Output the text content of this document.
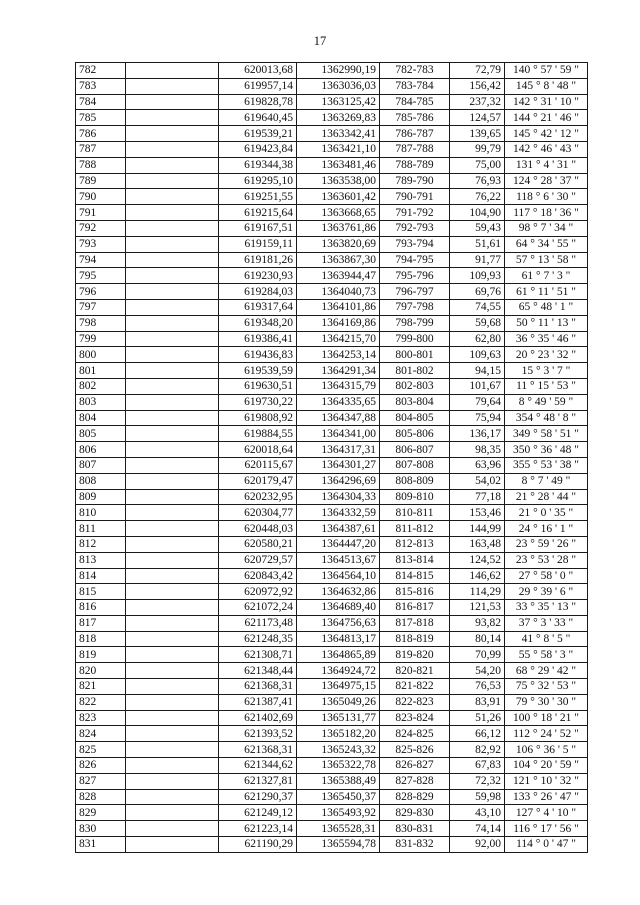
17
782		620013,68	1362990,19	782-783	72,79	140 ° 57 ' 59 "
783		619957,14	1363036,03	783-784	156,42	145 ° 8 ' 48 "
784		619828,78	1363125,42	784-785	237,32	142 ° 31 ' 10 "
785		619640,45	1363269,83	785-786	124,57	144 ° 21 ' 46 "
786		619539,21	1363342,41	786-787	139,65	145 ° 42 ' 12 "
787		619423,84	1363421,10	787-788	99,79	142 ° 46 ' 43 "
788		619344,38	1363481,46	788-789	75,00	131 ° 4 ' 31 "
789		619295,10	1363538,00	789-790	76,93	124 ° 28 ' 37 "
790		619251,55	1363601,42	790-791	76,22	118 ° 6 ' 30 "
791		619215,64	1363668,65	791-792	104,90	117 ° 18 ' 36 "
792		619167,51	1363761,86	792-793	59,43	98 ° 7 ' 34 "
793		619159,11	1363820,69	793-794	51,61	64 ° 34 ' 55 "
794		619181,26	1363867,30	794-795	91,77	57 ° 13 ' 58 "
795		619230,93	1363944,47	795-796	109,93	61 ° 7 ' 3 "
796		619284,03	1364040,73	796-797	69,76	61 ° 11 ' 51 "
797		619317,64	1364101,86	797-798	74,55	65 ° 48 ' 1 "
798		619348,20	1364169,86	798-799	59,68	50 ° 11 ' 13 "
799		619386,41	1364215,70	799-800	62,80	36 ° 35 ' 46 "
800		619436,83	1364253,14	800-801	109,63	20 ° 23 ' 32 "
801		619539,59	1364291,34	801-802	94,15	15 ° 3 ' 7 "
802		619630,51	1364315,79	802-803	101,67	11 ° 15 ' 53 "
803		619730,22	1364335,65	803-804	79,64	8 ° 49 ' 59 "
804		619808,92	1364347,88	804-805	75,94	354 ° 48 ' 8 "
805		619884,55	1364341,00	805-806	136,17	349 ° 58 ' 51 "
806		620018,64	1364317,31	806-807	98,35	350 ° 36 ' 48 "
807		620115,67	1364301,27	807-808	63,96	355 ° 53 ' 38 "
808		620179,47	1364296,69	808-809	54,02	8 ° 7 ' 49 "
809		620232,95	1364304,33	809-810	77,18	21 ° 28 ' 44 "
810		620304,77	1364332,59	810-811	153,46	21 ° 0 ' 35 "
811		620448,03	1364387,61	811-812	144,99	24 ° 16 ' 1 "
812		620580,21	1364447,20	812-813	163,48	23 ° 59 ' 26 "
813		620729,57	1364513,67	813-814	124,52	23 ° 53 ' 28 "
814		620843,42	1364564,10	814-815	146,62	27 ° 58 ' 0 "
815		620972,92	1364632,86	815-816	114,29	29 ° 39 ' 6 "
816		621072,24	1364689,40	816-817	121,53	33 ° 35 ' 13 "
817		621173,48	1364756,63	817-818	93,82	37 ° 3 ' 33 "
818		621248,35	1364813,17	818-819	80,14	41 ° 8 ' 5 "
819		621308,71	1364865,89	819-820	70,99	55 ° 58 ' 3 "
820		621348,44	1364924,72	820-821	54,20	68 ° 29 ' 42 "
821		621368,31	1364975,15	821-822	76,53	75 ° 32 ' 53 "
822		621387,41	1365049,26	822-823	83,91	79 ° 30 ' 30 "
823		621402,69	1365131,77	823-824	51,26	100 ° 18 ' 21 "
824		621393,52	1365182,20	824-825	66,12	112 ° 24 ' 52 "
825		621368,31	1365243,32	825-826	82,92	106 ° 36 ' 5 "
826		621344,62	1365322,78	826-827	67,83	104 ° 20 ' 59 "
827		621327,81	1365388,49	827-828	72,32	121 ° 10 ' 32 "
828		621290,37	1365450,37	828-829	59,98	133 ° 26 ' 47 "
829		621249,12	1365493,92	829-830	43,10	127 ° 4 ' 10 "
830		621223,14	1365528,31	830-831	74,14	116 ° 17 ' 56 "
831		621190,29	1365594,78	831-832	92,00	114 ° 0 ' 47 "
